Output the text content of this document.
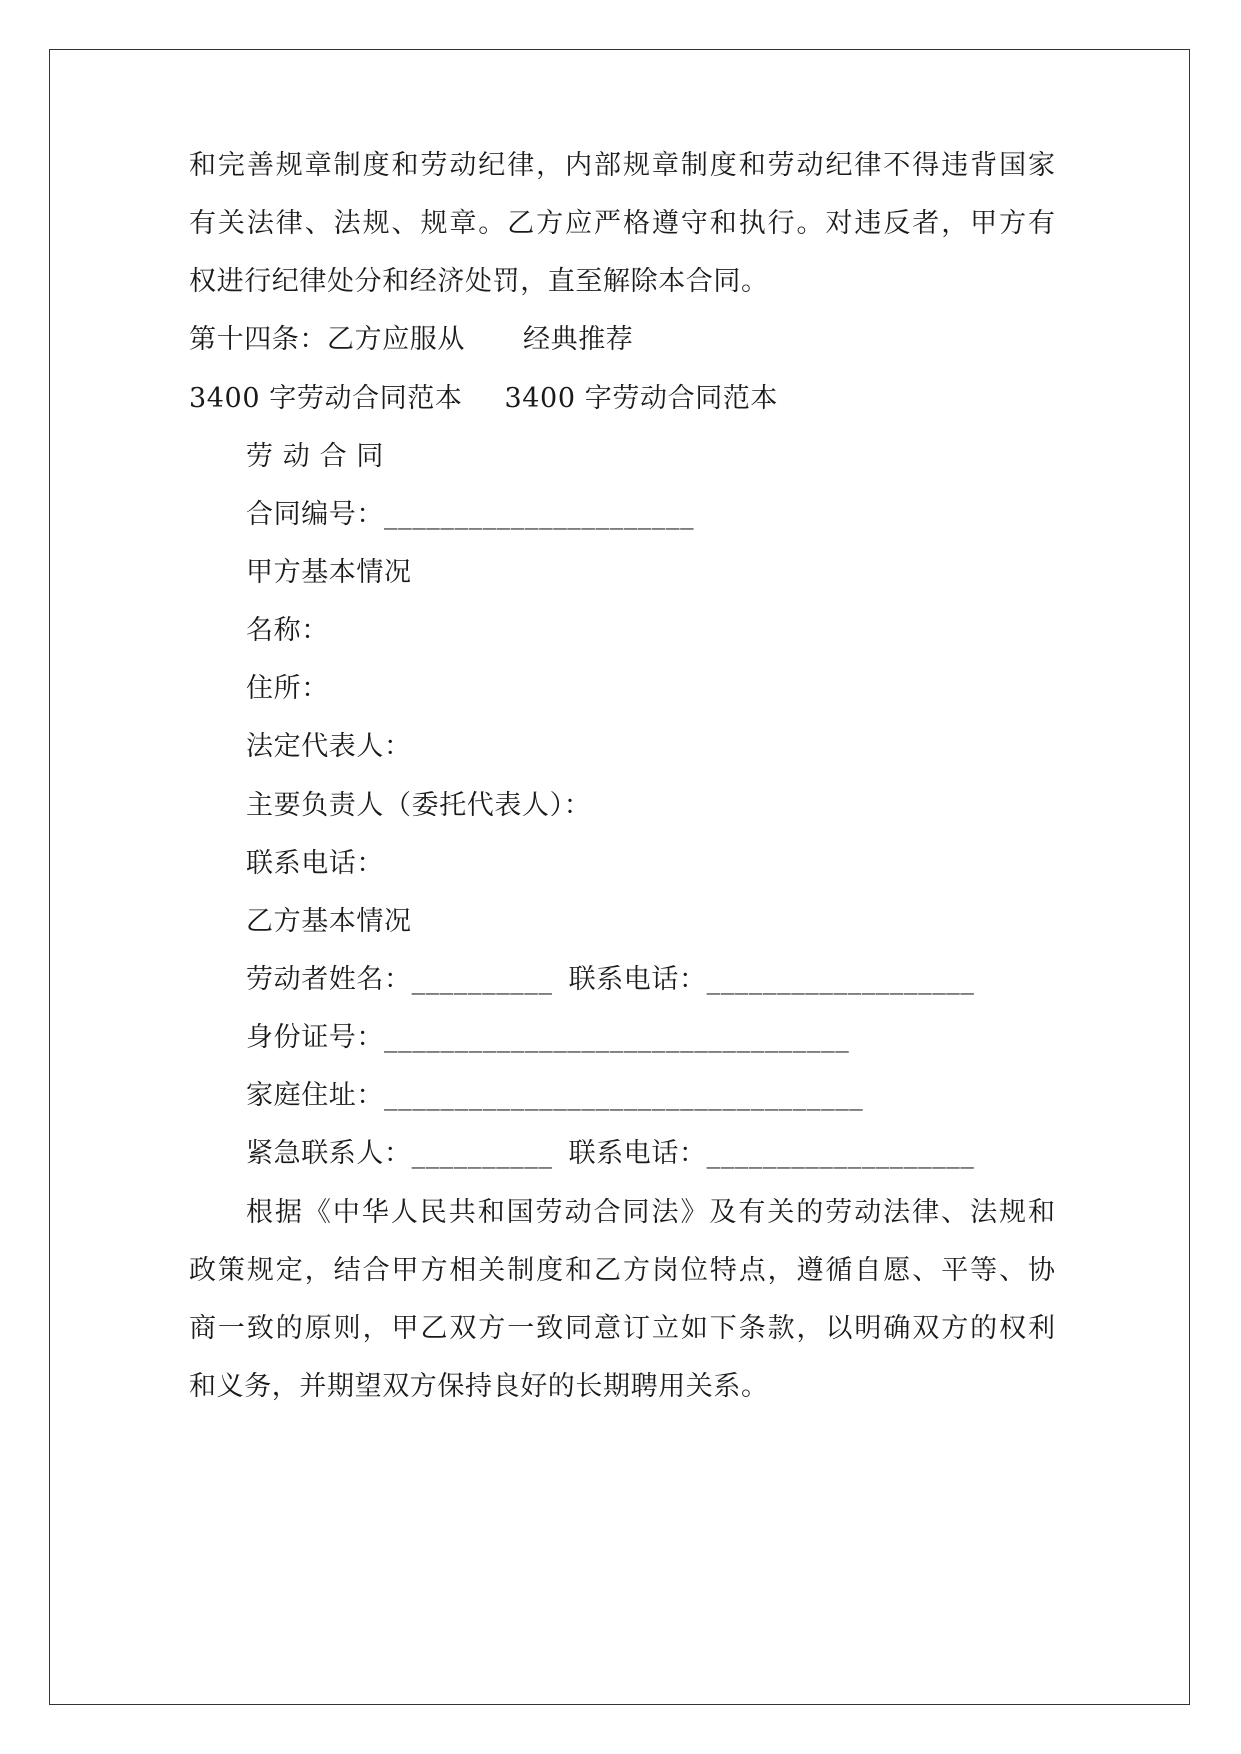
和完善规章制度和劳动纪律，内部规章制度和劳动纪律不得违背国家
有关法律、法规、规章。乙方应严格遵守和执行。对违反者，甲方有
权进行纪律处分和经济处罚，直至解除本合同。
第十四条：乙方应服从 经典推荐
3400 字劳动合同范本 3400 字劳动合同范本
劳 动 合 同
合同编号：______________________
甲方基本情况
名称：
住所：
法定代表人：
主要负责人（委托代表人）：
联系电话：
乙方基本情况
劳动者姓名：__________ 联系电话：___________________
身份证号：_________________________________
家庭住址：__________________________________
紧急联系人：__________ 联系电话：___________________
根据《中华人民共和国劳动合同法》及有关的劳动法律、法规和
政策规定，结合甲方相关制度和乙方岗位特点，遵循自愿、平等、协
商一致的原则，甲乙双方一致同意订立如下条款，以明确双方的权利
和义务，并期望双方保持良好的长期聘用关系。
